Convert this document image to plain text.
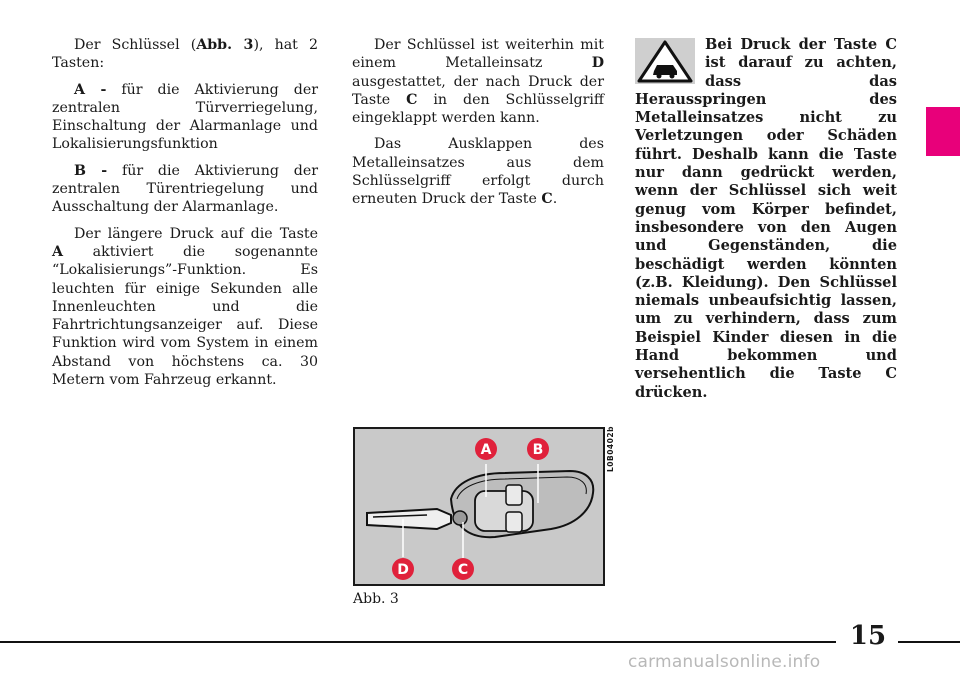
Der Schlüssel (Abb. 3), hat 2 Tasten:

A - für die Aktivierung der zentralen Türverriegelung, Einschaltung der Alarmanlage und Lokalisierungsfunktion

B - für die Aktivierung der zentralen Türentriegelung und Ausschaltung der Alarmanlage.

Der längere Druck auf die Taste A aktiviert die sogenannte “Lokalisierungs”-Funktion. Es leuchten für einige Sekunden alle Innenleuchten und die Fahrtrichtungsanzeiger auf. Diese Funktion wird vom System in einem Abstand von höchstens ca. 30 Metern vom Fahrzeug erkannt.

Der Schlüssel ist weiterhin mit einem Metalleinsatz D ausgestattet, der nach Druck der Taste C in den Schlüsselgriff eingeklappt werden kann.

Das Ausklappen des Metalleinsatzes aus dem Schlüsselgriff erfolgt durch erneuten Druck der Taste C.

Bei Druck der Taste C ist darauf zu achten, dass das Herausspringen des Metalleinsatzes nicht zu Verletzungen oder Schäden führt. Deshalb kann die Taste nur dann gedrückt werden, wenn der Schlüssel sich weit genug vom Körper befindet, insbesondere von den Augen und Gegenständen, die beschädigt werden könnten (z.B. Kleidung). Den Schlüssel niemals unbeaufsichtig lassen, um zu verhindern, dass zum Beispiel Kinder diesen in die Hand bekommen und versehentlich die Taste C drücken.

A	B
C
D
L0B0402b
Abb. 3
15
carmanualsonline.info
